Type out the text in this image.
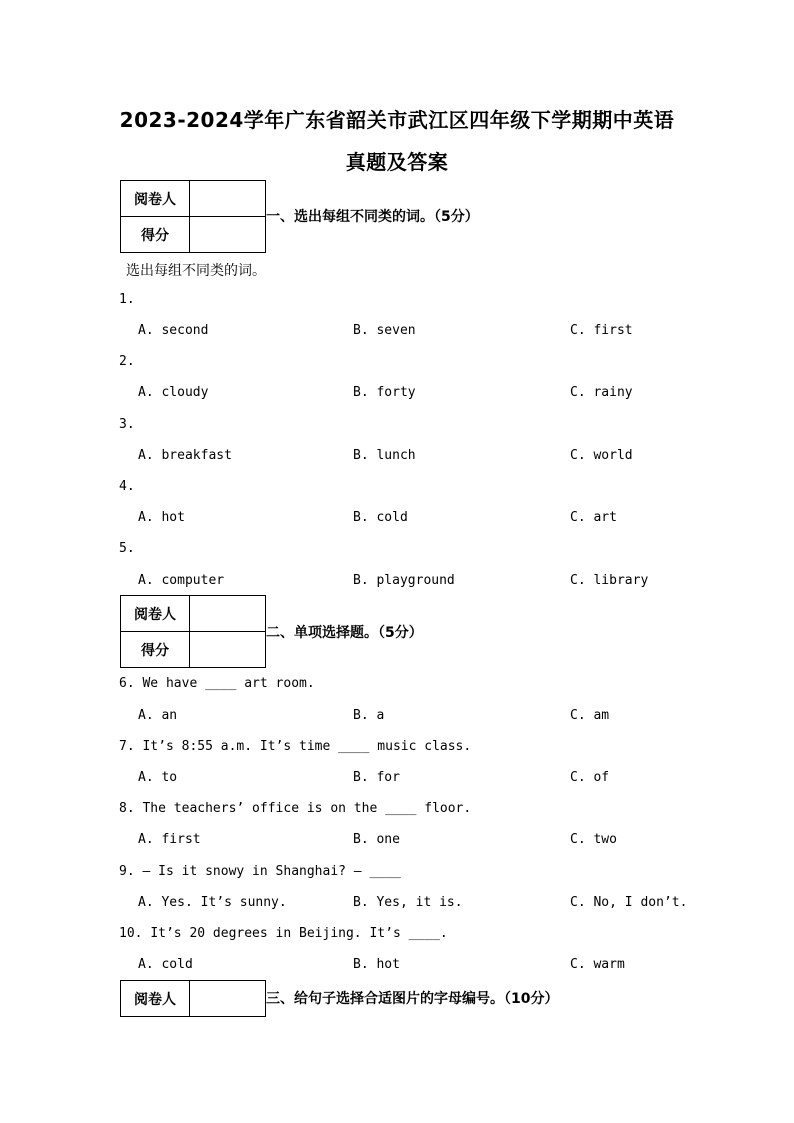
2023-2024学年广东省韶关市武江区四年级下学期期中英语
真题及答案
阅卷人	
得分	
一、选出每组不同类的词。（5分）
选出每组不同类的词。
1.
A. second	B. seven	C. first
2.
A. cloudy	B. forty	C. rainy
3.
A. breakfast	B. lunch	C. world
4.
A. hot	B. cold	C. art
5.
A. computer	B. playground	C. library
阅卷人	
得分	
二、单项选择题。（5分）
6. We have ____ art room.
A. an	B. a	C. am
7. It’s 8:55 a.m. It’s time ____ music class.
A. to	B. for	C. of
8. The teachers’ office is on the ____ floor.
A. first	B. one	C. two
9. — Is it snowy in Shanghai? — ____
A. Yes. It’s sunny.	B. Yes, it is.	C. No, I don’t.
10. It’s 20 degrees in Beijing. It’s ____.
A. cold	B. hot	C. warm
阅卷人		三、给句子选择合适图片的字母编号。（10分）
